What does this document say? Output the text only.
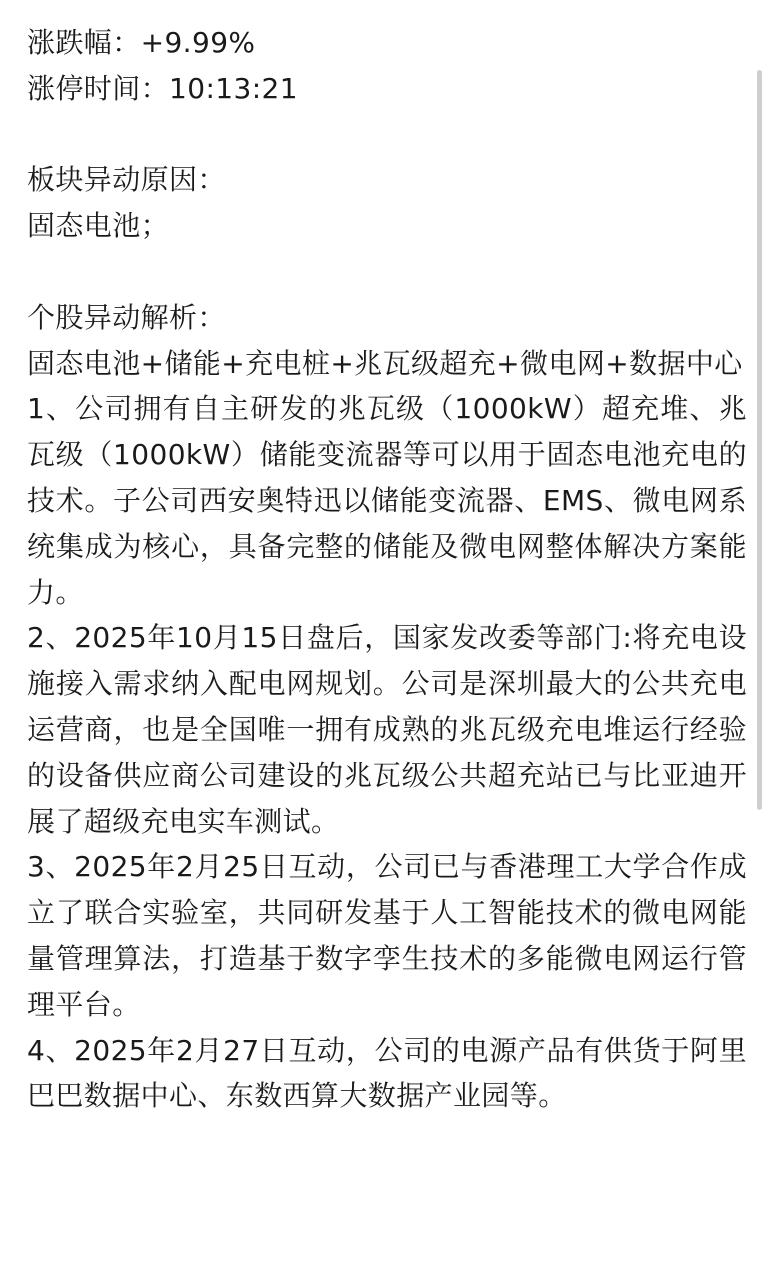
涨跌幅：+9.99%

涨停时间：10:13:21

板块异动原因：

固态电池；

个股异动解析：

固态电池+储能+充电桩+兆瓦级超充+微电网+数据中心

1、公司拥有自主研发的兆瓦级（1000kW）超充堆、兆瓦级（1000kW）储能变流器等可以用于固态电池充电的技术。子公司西安奥特迅以储能变流器、EMS、微电网系统集成为核心，具备完整的储能及微电网整体解决方案能力。

2、2025年10月15日盘后，国家发改委等部门:将充电设施接入需求纳入配电网规划。公司是深圳最大的公共充电运营商，也是全国唯一拥有成熟的兆瓦级充电堆运行经验的设备供应商公司建设的兆瓦级公共超充站已与比亚迪开展了超级充电实车测试。

3、2025年2月25日互动，公司已与香港理工大学合作成立了联合实验室，共同研发基于人工智能技术的微电网能量管理算法，打造基于数字孪生技术的多能微电网运行管理平台。

4、2025年2月27日互动，公司的电源产品有供货于阿里巴巴数据中心、东数西算大数据产业园等。
